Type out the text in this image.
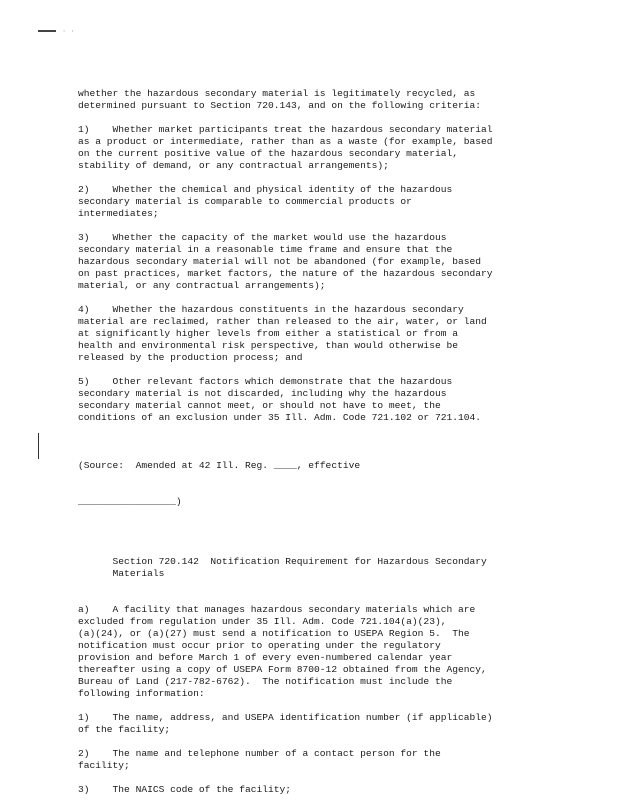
· ·
whether the hazardous secondary material is legitimately recycled, as
determined pursuant to Section 720.143, and on the following criteria:
1)    Whether market participants treat the hazardous secondary material
as a product or intermediate, rather than as a waste (for example, based
on the current positive value of the hazardous secondary material,
stability of demand, or any contractual arrangements);
2)    Whether the chemical and physical identity of the hazardous
secondary material is comparable to commercial products or
intermediates;
3)    Whether the capacity of the market would use the hazardous
secondary material in a reasonable time frame and ensure that the
hazardous secondary material will not be abandoned (for example, based
on past practices, market factors, the nature of the hazardous secondary
material, or any contractual arrangements);
4)    Whether the hazardous constituents in the hazardous secondary
material are reclaimed, rather than released to the air, water, or land
at significantly higher levels from either a statistical or from a
health and environmental risk perspective, than would otherwise be
released by the production process; and
5)    Other relevant factors which demonstrate that the hazardous
secondary material is not discarded, including why the hazardous
secondary material cannot meet, or should not have to meet, the
conditions of an exclusion under 35 Ill. Adm. Code 721.102 or 721.104.

(Source:  Amended at 42 Ill. Reg. ____, effective

_________________)

Section 720.142  Notification Requirement for Hazardous Secondary
Materials

a)    A facility that manages hazardous secondary materials which are
excluded from regulation under 35 Ill. Adm. Code 721.104(a)(23),
(a)(24), or (a)(27) must send a notification to USEPA Region 5.  The
notification must occur prior to operating under the regulatory
provision and before March 1 of every even-numbered calendar year
thereafter using a copy of USEPA Form 8700-12 obtained from the Agency,
Bureau of Land (217-782-6762).  The notification must include the
following information:
1)    The name, address, and USEPA identification number (if applicable)
of the facility;
2)    The name and telephone number of a contact person for the
facility;
3)    The NAICS code of the facility;
